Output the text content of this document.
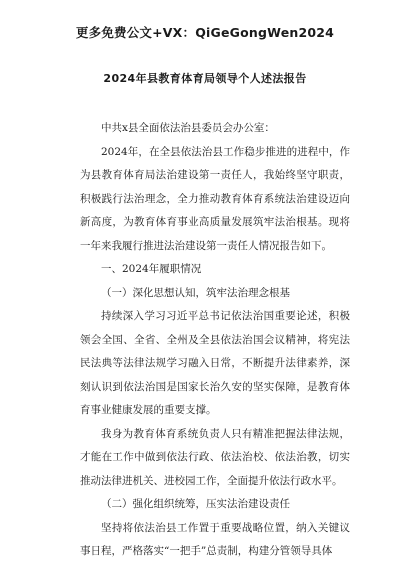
更多免费公文+VX：QiGeGongWen2024
2024年县教育体育局领导个人述法报告

中共x县全面依法治县委员会办公室：

2024年，在全县依法治县工作稳步推进的进程中，作为县教育体育局法治建设第一责任人，我始终坚守职责，积极践行法治理念，全力推动教育体育系统法治建设迈向新高度，为教育体育事业高质量发展筑牢法治根基。现将一年来我履行推进法治建设第一责任人情况报告如下。

一、2024年履职情况

（一）深化思想认知，筑牢法治理念根基

持续深入学习习近平总书记依法治国重要论述，积极领会全国、全省、全州及全县依法治国会议精神，将宪法民法典等法律法规学习融入日常，不断提升法律素养，深刻认识到依法治国是国家长治久安的坚实保障，是教育体育事业健康发展的重要支撑。

我身为教育体育系统负责人只有精准把握法律法规，才能在工作中做到依法行政、依法治校、依法治教，切实推动法律进机关、进校园工作，全面提升依法行政水平。

（二）强化组织统筹，压实法治建设责任

坚持将依法治县工作置于重要战略位置，纳入关键议事日程，严格落实“一把手”总责制，构建分管领导具体
